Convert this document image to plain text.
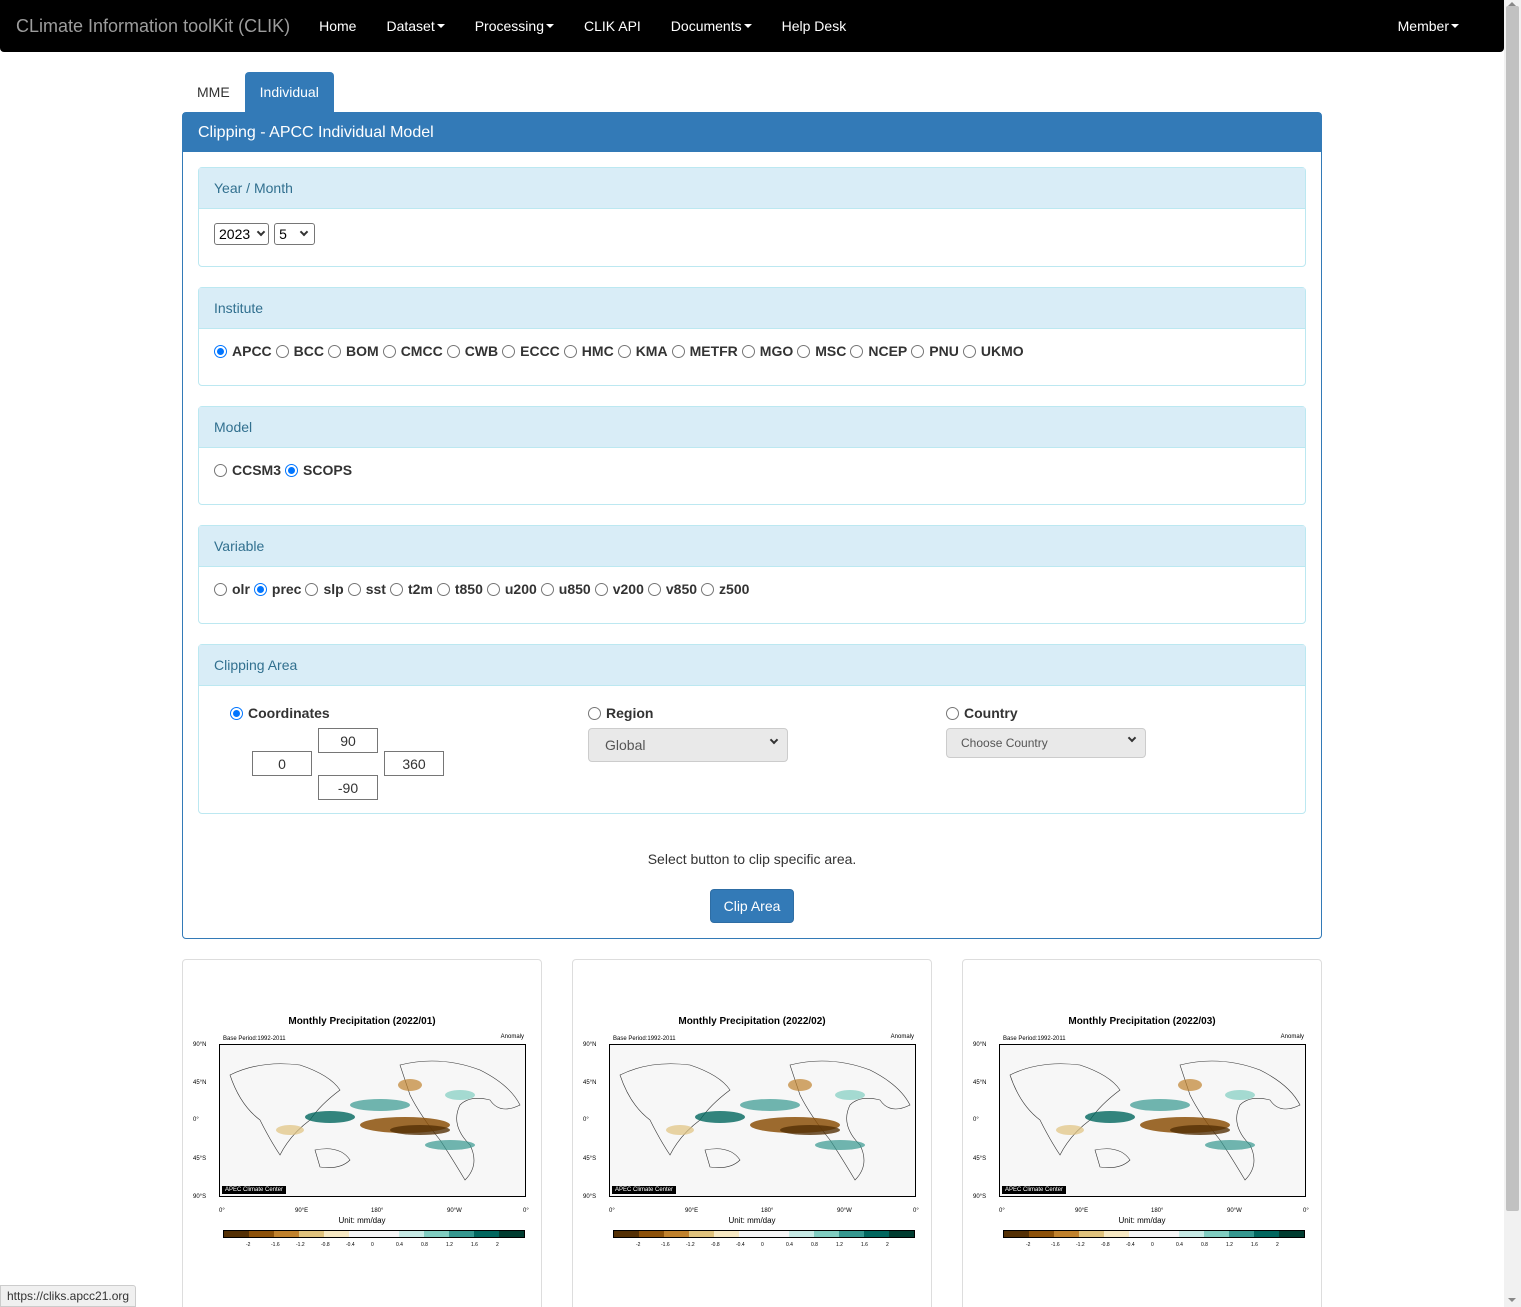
CLimate Information toolKit (CLIK)	Home	Dataset	Processing	CLIK API	Documents	Help Desk	Member
MME	Individual
Clipping - APCC Individual Model
Year / Month
2023 5
Institute
APCC BCC BOM CMCC CWB ECCC HMC KMA METFR MGO MSC NCEP PNU UKMO
Model
CCSM3 SCOPS
Variable
olr prec slp sst t2m t850 u200 u850 v200 v850 z500
Clipping Area
Coordinates
90
0	360
-90
Region
Global
Country
Choose Country
Select button to clip specific area.
Clip Area
Monthly Precipitation (2022/01)
Base Period:1992-2011	Anomaly
APEC Climate Center
90°N
45°N
0°
45°S
90°S
0°	90°E	180°	90°W	0°
Unit: mm/day
-2	-1.6	-1.2	-0.8	-0.4	0	0.4	0.8	1.2	1.6	2
Monthly Precipitation (2022/02)
Base Period:1992-2011	Anomaly
APEC Climate Center
90°N
45°N
0°
45°S
90°S
0°	90°E	180°	90°W	0°
Unit: mm/day
-2	-1.6	-1.2	-0.8	-0.4	0	0.4	0.8	1.2	1.6	2
Monthly Precipitation (2022/03)
Base Period:1992-2011	Anomaly
APEC Climate Center
90°N
45°N
0°
45°S
90°S
0°	90°E	180°	90°W	0°
Unit: mm/day
-2	-1.6	-1.2	-0.8	-0.4	0	0.4	0.8	1.2	1.6	2
https://cliks.apcc21.org
